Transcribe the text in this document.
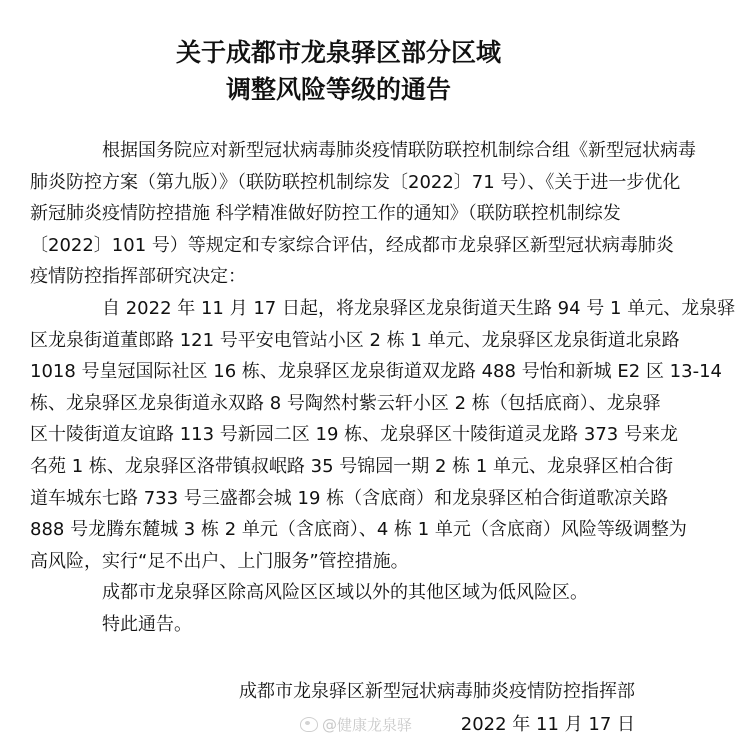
关于成都市龙泉驿区部分区域
调整风险等级的通告

根据国务院应对新型冠状病毒肺炎疫情联防联控机制综合组《新型冠状病毒
肺炎防控方案（第九版）》（联防联控机制综发〔2022〕71 号）、《关于进一步优化
新冠肺炎疫情防控措施 科学精准做好防控工作的通知》（联防联控机制综发
〔2022〕101 号）等规定和专家综合评估，经成都市龙泉驿区新型冠状病毒肺炎
疫情防控指挥部研究决定：

自 2022 年 11 月 17 日起，将龙泉驿区龙泉街道天生路 94 号 1 单元、龙泉驿
区龙泉街道董郎路 121 号平安电管站小区 2 栋 1 单元、龙泉驿区龙泉街道北泉路
1018 号皇冠国际社区 16 栋、龙泉驿区龙泉街道双龙路 488 号怡和新城 E2 区 13-14
栋、龙泉驿区龙泉街道永双路 8 号陶然村紫云轩小区 2 栋（包括底商）、龙泉驿
区十陵街道友谊路 113 号新园二区 19 栋、龙泉驿区十陵街道灵龙路 373 号来龙
名苑 1 栋、龙泉驿区洛带镇叔岷路 35 号锦园一期 2 栋 1 单元、龙泉驿区柏合街
道车城东七路 733 号三盛都会城 19 栋（含底商）和龙泉驿区柏合街道歌凉关路
888 号龙腾东麓城 3 栋 2 单元（含底商）、4 栋 1 单元（含底商）风险等级调整为
高风险，实行“足不出户、上门服务”管控措施。

成都市龙泉驿区除高风险区区域以外的其他区域为低风险区。

特此通告。

成都市龙泉驿区新型冠状病毒肺炎疫情防控指挥部
@健康龙泉驿	2022 年 11 月 17 日
